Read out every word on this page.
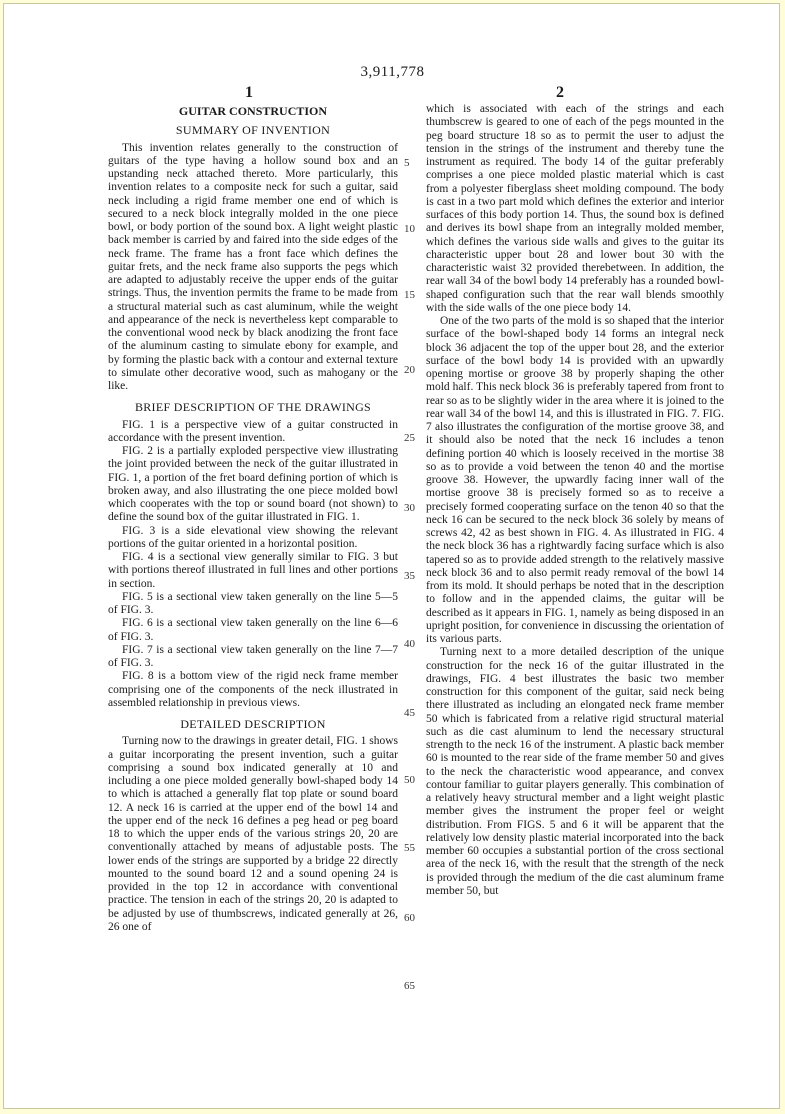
3,911,778
1	2

GUITAR CONSTRUCTION

SUMMARY OF INVENTION

This invention relates generally to the construction of guitars of the type having a hollow sound box and an upstanding neck attached thereto. More particularly, this invention relates to a composite neck for such a guitar, said neck including a rigid frame member one end of which is secured to a neck block integrally molded in the one piece bowl, or body portion of the sound box. A light weight plastic back member is carried by and faired into the side edges of the neck frame. The frame has a front face which defines the guitar frets, and the neck frame also supports the pegs which are adapted to adjustably receive the upper ends of the guitar strings. Thus, the invention permits the frame to be made from a structural material such as cast aluminum, while the weight and appearance of the neck is nevertheless kept comparable to the conventional wood neck by black anodizing the front face of the aluminum casting to simulate ebony for example, and by forming the plastic back with a contour and external texture to simulate other decorative wood, such as mahogany or the like.

BRIEF DESCRIPTION OF THE DRAWINGS

FIG. 1 is a perspective view of a guitar constructed in accordance with the present invention.

FIG. 2 is a partially exploded perspective view illustrating the joint provided between the neck of the guitar illustrated in FIG. 1, a portion of the fret board defining portion of which is broken away, and also illustrating the one piece molded bowl which cooperates with the top or sound board (not shown) to define the sound box of the guitar illustrated in FIG. 1.

FIG. 3 is a side elevational view showing the relevant portions of the guitar oriented in a horizontal position.

FIG. 4 is a sectional view generally similar to FIG. 3 but with portions thereof illustrated in full lines and other portions in section.

FIG. 5 is a sectional view taken generally on the line 5—5 of FIG. 3.

FIG. 6 is a sectional view taken generally on the line 6—6 of FIG. 3.

FIG. 7 is a sectional view taken generally on the line 7—7 of FIG. 3.

FIG. 8 is a bottom view of the rigid neck frame member comprising one of the components of the neck illustrated in assembled relationship in previous views.

DETAILED DESCRIPTION

Turning now to the drawings in greater detail, FIG. 1 shows a guitar incorporating the present invention, such a guitar comprising a sound box indicated generally at 10 and including a one piece molded generally bowl-shaped body 14 to which is attached a generally flat top plate or sound board 12. A neck 16 is carried at the upper end of the bowl 14 and the upper end of the neck 16 defines a peg head or peg board 18 to which the upper ends of the various strings 20, 20 are conventionally attached by means of adjustable posts. The lower ends of the strings are supported by a bridge 22 directly mounted to the sound board 12 and a sound opening 24 is provided in the top 12 in accordance with conventional practice. The tension in each of the strings 20, 20 is adapted to be adjusted by use of thumbscrews, indicated generally at 26, 26 one of

which is associated with each of the strings and each thumbscrew is geared to one of each of the pegs mounted in the peg board structure 18 so as to permit the user to adjust the tension in the strings of the instrument and thereby tune the instrument as required. The body 14 of the guitar preferably comprises a one piece molded plastic material which is cast from a polyester fiberglass sheet molding compound. The body is cast in a two part mold which defines the exterior and interior surfaces of this body portion 14. Thus, the sound box is defined and derives its bowl shape from an integrally molded member, which defines the various side walls and gives to the guitar its characteristic upper bout 28 and lower bout 30 with the characteristic waist 32 provided therebetween. In addition, the rear wall 34 of the bowl body 14 preferably has a rounded bowl-shaped configuration such that the rear wall blends smoothly with the side walls of the one piece body 14.

One of the two parts of the mold is so shaped that the interior surface of the bowl-shaped body 14 forms an integral neck block 36 adjacent the top of the upper bout 28, and the exterior surface of the bowl body 14 is provided with an upwardly opening mortise or groove 38 by properly shaping the other mold half. This neck block 36 is preferably tapered from front to rear so as to be slightly wider in the area where it is joined to the rear wall 34 of the bowl 14, and this is illustrated in FIG. 7. FIG. 7 also illustrates the configuration of the mortise groove 38, and it should also be noted that the neck 16 includes a tenon defining portion 40 which is loosely received in the mortise 38 so as to provide a void between the tenon 40 and the mortise groove 38. However, the upwardly facing inner wall of the mortise groove 38 is precisely formed so as to receive a precisely formed cooperating surface on the tenon 40 so that the neck 16 can be secured to the neck block 36 solely by means of screws 42, 42 as best shown in FIG. 4. As illustrated in FIG. 4 the neck block 36 has a rightwardly facing surface which is also tapered so as to provide added strength to the relatively massive neck block 36 and to also permit ready removal of the bowl 14 from its mold. It should perhaps be noted that in the description to follow and in the appended claims, the guitar will be described as it appears in FIG. 1, namely as being disposed in an upright position, for convenience in discussing the orientation of its various parts.

Turning next to a more detailed description of the unique construction for the neck 16 of the guitar illustrated in the drawings, FIG. 4 best illustrates the basic two member construction for this component of the guitar, said neck being there illustrated as including an elongated neck frame member 50 which is fabricated from a relative rigid structural material such as die cast aluminum to lend the necessary structural strength to the neck 16 of the instrument. A plastic back member 60 is mounted to the rear side of the frame member 50 and gives to the neck the characteristic wood appearance, and convex contour familiar to guitar players generally. This combination of a relatively heavy structural member and a light weight plastic member gives the instrument the proper feel or weight distribution. From FIGS. 5 and 6 it will be apparent that the relatively low density plastic material incorporated into the back member 60 occupies a substantial portion of the cross sectional area of the neck 16, with the result that the strength of the neck is provided through the medium of the die cast aluminum frame member 50, but

5
10
15
20
25
30
35
40
45
50
55
60
65
